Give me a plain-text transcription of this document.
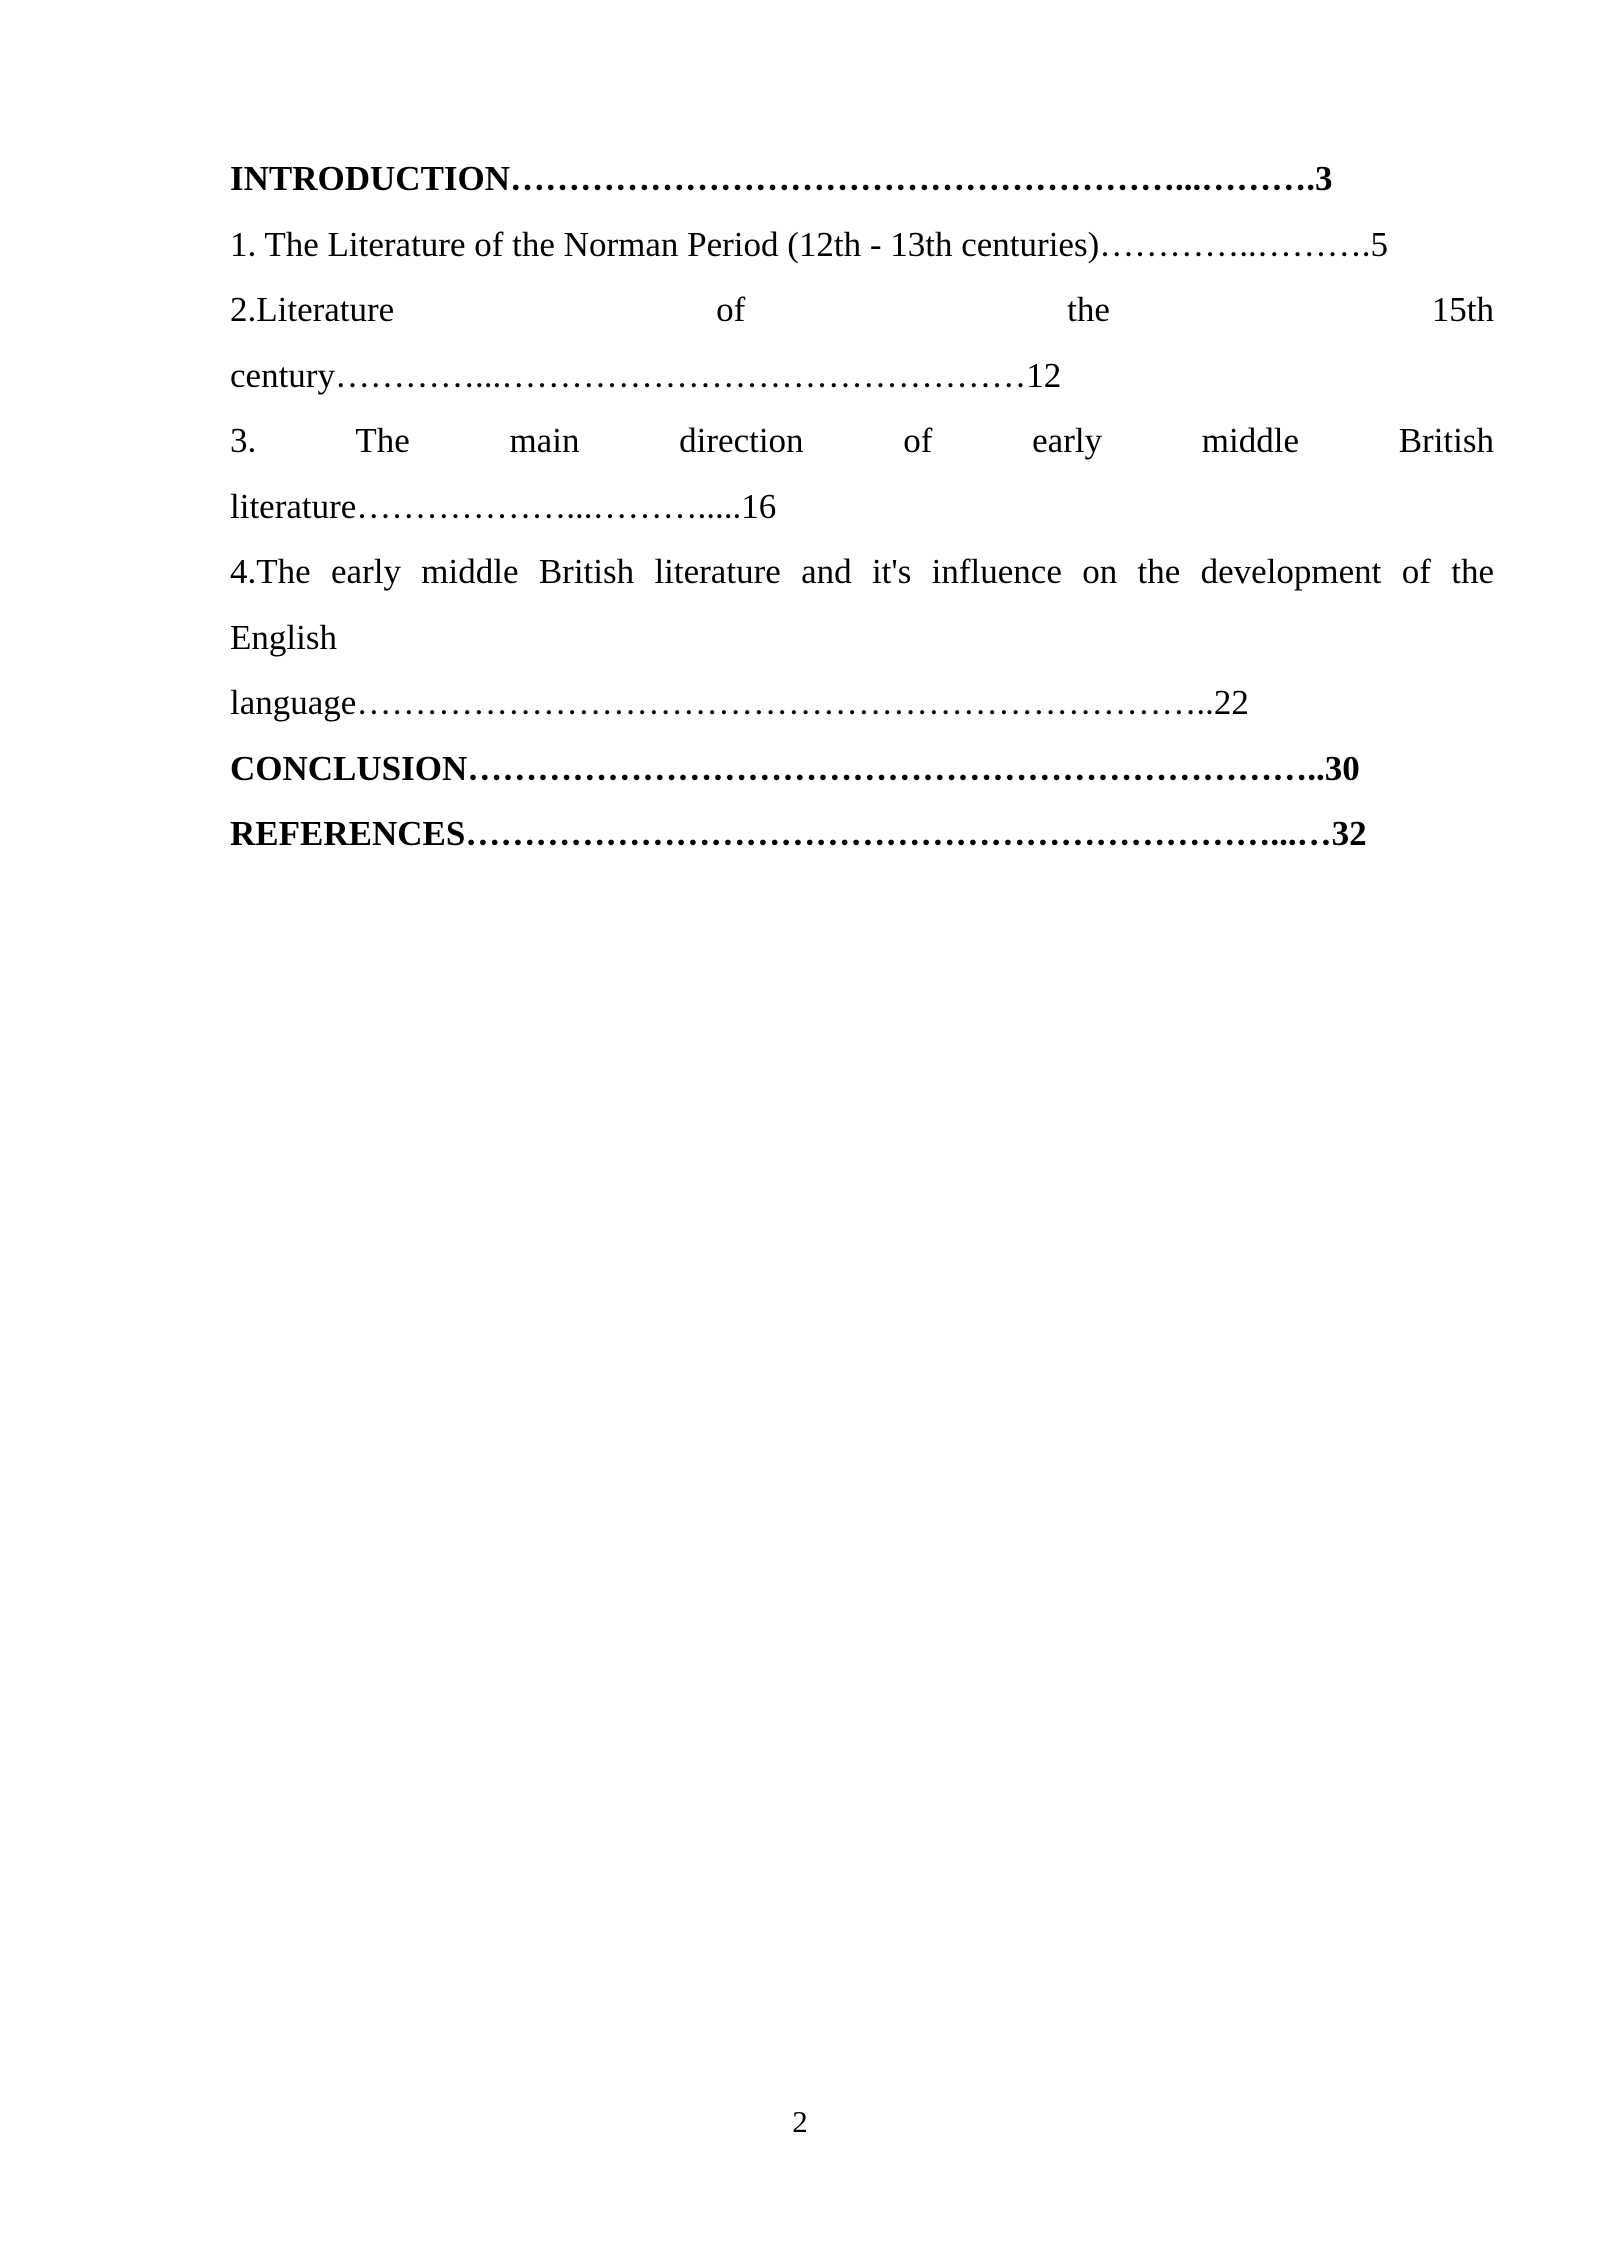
INTRODUCTION…………………………………………………...……….3
1. The Literature of the Norman Period (12th - 13th centuries)…………..……….5
2.Literature of the 15th
century…………...………………………………………12
3. The main direction of early middle British
literature………………...……….....16
4.The early middle British literature and it's influence on the development of the
English
language………………………………………………………………..22
CONCLUSION………………………………………………………………..30
REFERENCES……………………………………………………………...…32
2
